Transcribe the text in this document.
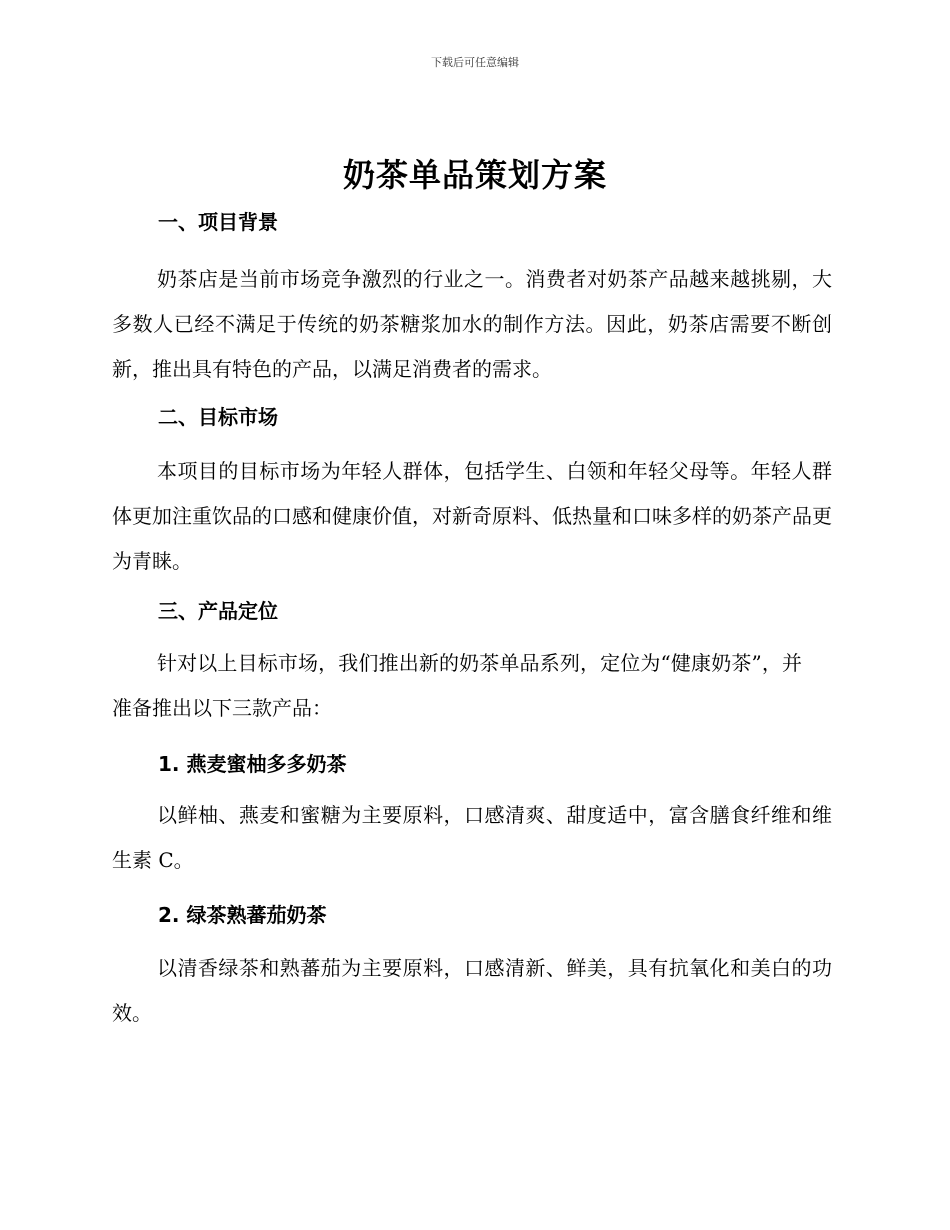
下载后可任意编辑
奶茶单品策划方案
一、项目背景
奶茶店是当前市场竞争激烈的行业之一。消费者对奶茶产品越来越挑剔，大多数人已经不满足于传统的奶茶糖浆加水的制作方法。因此，奶茶店需要不断创新，推出具有特色的产品，以满足消费者的需求。
二、目标市场
本项目的目标市场为年轻人群体，包括学生、白领和年轻父母等。年轻人群体更加注重饮品的口感和健康价值，对新奇原料、低热量和口味多样的奶茶产品更为青睐。
三、产品定位
针对以上目标市场，我们推出新的奶茶单品系列，定位为“健康奶茶”，并准备推出以下三款产品：
1. 燕麦蜜柚多多奶茶
以鲜柚、燕麦和蜜糖为主要原料，口感清爽、甜度适中，富含膳食纤维和维生素 C。
2. 绿茶熟蕃茄奶茶
以清香绿茶和熟蕃茄为主要原料，口感清新、鲜美，具有抗氧化和美白的功效。
